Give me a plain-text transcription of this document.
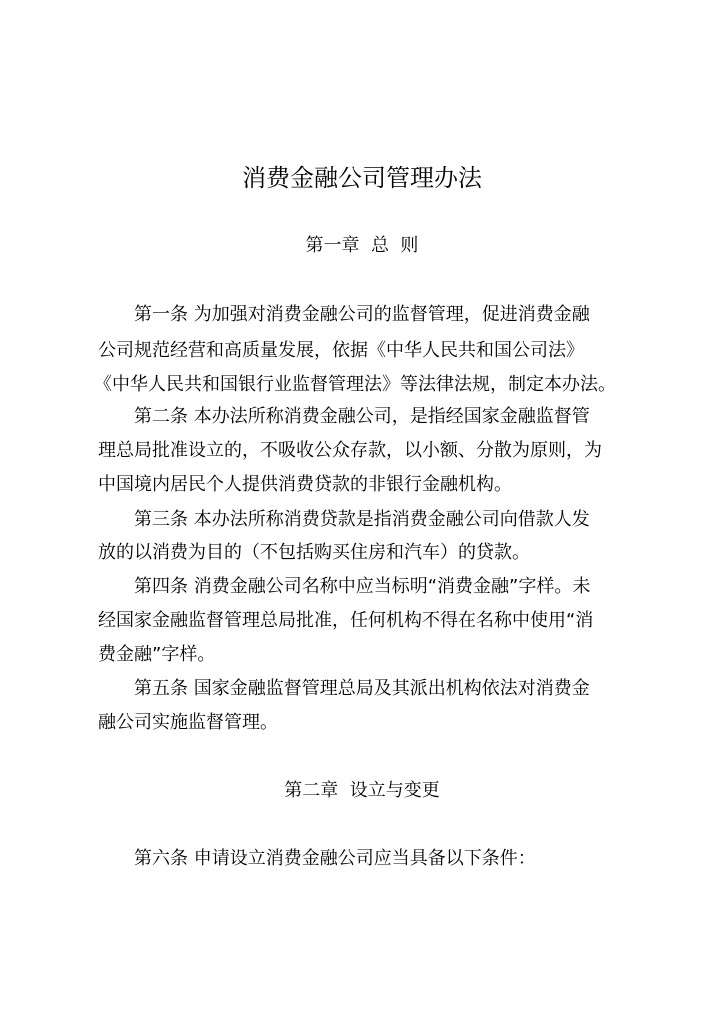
消费金融公司管理办法
第一章  总  则
第一条 为加强对消费金融公司的监督管理，促进消费金融
公司规范经营和高质量发展，依据《中华人民共和国公司法》
《中华人民共和国银行业监督管理法》等法律法规，制定本办法。
第二条 本办法所称消费金融公司，是指经国家金融监督管
理总局批准设立的，不吸收公众存款，以小额、分散为原则，为
中国境内居民个人提供消费贷款的非银行金融机构。
第三条 本办法所称消费贷款是指消费金融公司向借款人发
放的以消费为目的（不包括购买住房和汽车）的贷款。
第四条 消费金融公司名称中应当标明“消费金融”字样。未
经国家金融监督管理总局批准，任何机构不得在名称中使用“消
费金融”字样。
第五条 国家金融监督管理总局及其派出机构依法对消费金
融公司实施监督管理。
第二章  设立与变更
第六条 申请设立消费金融公司应当具备以下条件：
